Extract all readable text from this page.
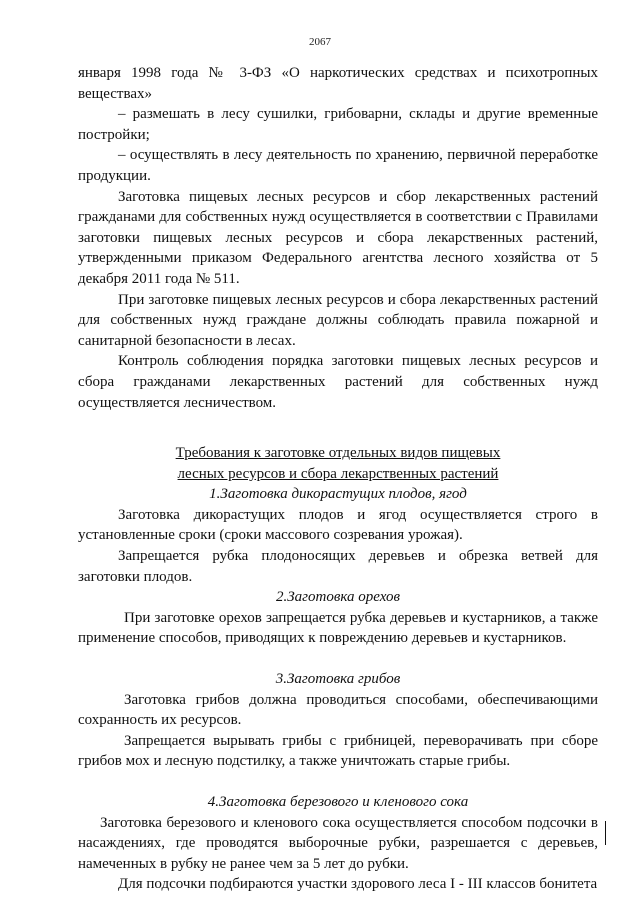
2067

января 1998 года № 3-ФЗ «О наркотических средствах и психотропных веществах»

– размешать в лесу сушилки, грибоварни, склады и другие временные постройки;

– осуществлять в лесу деятельность по хранению, первичной переработке продукции.

Заготовка пищевых лесных ресурсов и сбор лекарственных растений гражданами для собственных нужд осуществляется в соответствии с Правилами заготовки пищевых лесных ресурсов и сбора лекарственных растений, утвержденными приказом Федерального агентства лесного хозяйства от 5 декабря 2011 года № 511.

При заготовке пищевых лесных ресурсов и сбора лекарственных растений для собственных нужд граждане должны соблюдать правила пожарной и санитарной безопасности в лесах.

Контроль соблюдения порядка заготовки пищевых лесных ресурсов и сбора гражданами лекарственных растений для собственных нужд осуществляется лесничеством.

Требования к заготовке отдельных видов пищевых

лесных ресурсов и сбора лекарственных растений

1.Заготовка дикорастущих плодов, ягод

Заготовка дикорастущих плодов и ягод осуществляется строго в установленные сроки (сроки массового созревания урожая).

Запрещается рубка плодоносящих деревьев и обрезка ветвей для заготовки плодов.

2.Заготовка орехов

При заготовке орехов запрещается рубка деревьев и кустарников, а также применение способов, приводящих к повреждению деревьев и кустарников.

3.Заготовка грибов

Заготовка грибов должна проводиться способами, обеспечивающими сохранность их ресурсов.

Запрещается вырывать грибы с грибницей, переворачивать при сборе грибов мох и лесную подстилку, а также уничтожать старые грибы.

4.Заготовка березового и кленового сока

Заготовка березового и кленового сока осуществляется способом подсочки в насаждениях, где проводятся выборочные рубки, разрешается с деревьев, намеченных в рубку не ранее чем за 5 лет до рубки.

Для подсочки подбираются участки здорового леса I - III классов бонитета
